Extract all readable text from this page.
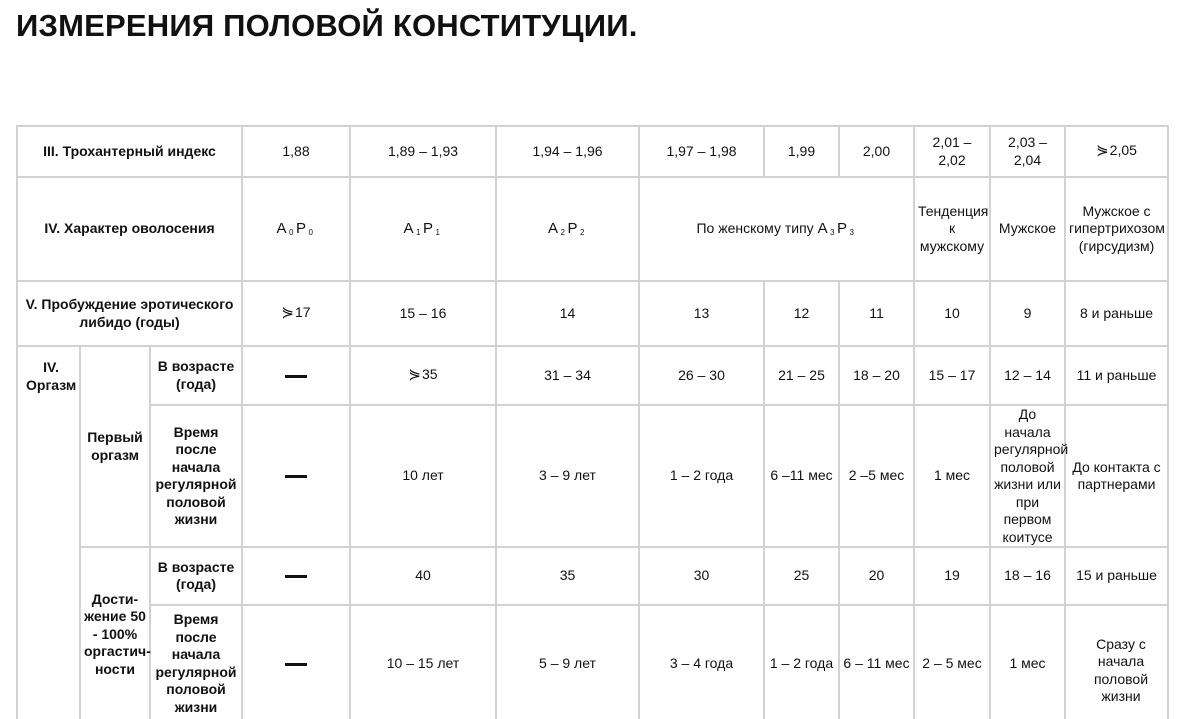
ИЗМЕРЕНИЯ ПОЛОВОЙ КОНСТИТУЦИИ.
III. Трохантерный индекс			1,88	1,89 – 1,93	1,94 – 1,96	1,97 – 1,98	1,99	2,00	2,01 – 2,02	2,03 – 2,04	⋟2,05
IV. Характер оволосения			A $_0$ P $_0$	A $_1$ P $_1$	A $_2$ P $_2$	По женскому типу A $_3$ P $_3$			Тенденция к мужскому	Мужское	Мужское с гипертрихозом (гирсудизм)
V. Пробуждение эротического либидо (годы)			⋟17	15 – 16	14	13	12	11	10	9	8 и раньше
IV. Оргазм	Первый оргазм	В возрасте (года)		⋟35	31 – 34	26 – 30	21 – 25	18 – 20	15 – 17	12 – 14	11 и раньше
		Время после начала регулярной половой жизни		10 лет	3 – 9 лет	1 – 2 года	6 –11 мес	2 –5 мес	1 мес	До начала регулярной половой жизни или при первом коитусе	До контакта с партнерами
	Дости-жение 50 - 100% оргастич-ности	В возрасте (года)		40	35	30	25	20	19	18 – 16	15 и раньше
		Время после начала регулярной половой жизни		10 – 15 лет	5 – 9 лет	3 – 4 года	1 – 2 года	6 – 11 мес	2 – 5 мес	1 мес	Сразу с начала половой жизни
